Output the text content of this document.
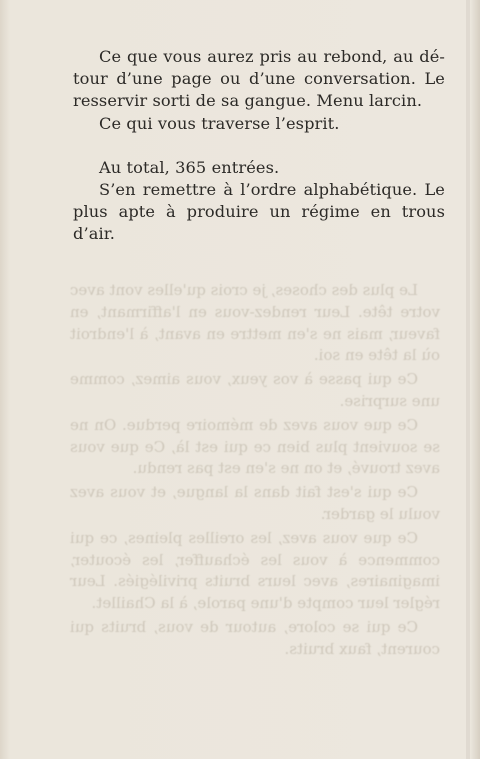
Le plus des choses, je crois qu'elles vont avec votre tête. Leur rendez-vous en l'affirmant, en faveur, mais ne s'en mettre en avant, à l'endroit où la tête en soi.

Ce qui passe à vos yeux, vous aimez, comme une surprise.

Ce que vous avez de mémoire perdue. On ne se souvient plus bien ce qui est là, Ce que vous avez trouvé, et on ne s'en est pas rendu.

Ce qui s'est fait dans la langue, et vous avez voulu le garder.

Ce que vous avez, les oreilles pleines, ce qui commence à vous les échauffer, les écouter, imaginaires, avec leurs bruits privilégiés. Leur régler leur compte d'une parole, à la Chaillet.

Ce qui se colore, autour de vous, bruits qui courent, faux bruits.

Ce que vous aurez pris au rebond, au dé-tour d’une page ou d’une conversation. Le resservir sorti de sa gangue. Menu larcin.

Ce qui vous traverse l’esprit.

Au total, 365 entrées.

S’en remettre à l’ordre alphabétique. Le plus apte à produire un régime en trous d’air.
